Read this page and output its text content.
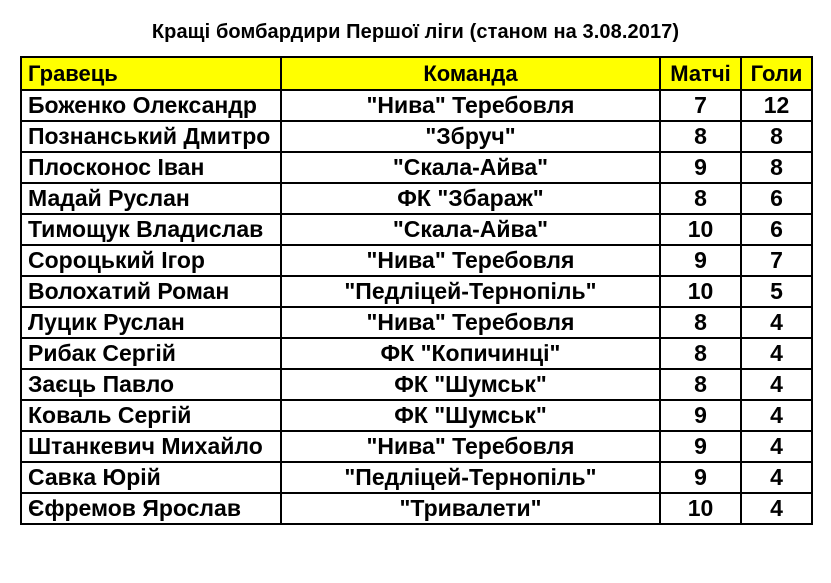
Кращі бомбардири Першої ліги (станом на 3.08.2017)
Гравець	Команда	Матчі	Голи
Боженко Олександр	"Нива" Теребовля	7	12
Познанський Дмитро	"Збруч"	8	8
Плосконос Іван	"Скала-Айва"	9	8
Мадай Руслан	ФК "Збараж"	8	6
Тимощук Владислав	"Скала-Айва"	10	6
Сороцький Ігор	"Нива" Теребовля	9	7
Волохатий Роман	"Педліцей-Тернопіль"	10	5
Луцик Руслан	"Нива" Теребовля	8	4
Рибак Сергій	ФК "Копичинці"	8	4
Заєць Павло	ФК "Шумськ"	8	4
Коваль Сергій	ФК "Шумськ"	9	4
Штанкевич Михайло	"Нива" Теребовля	9	4
Савка Юрій	"Педліцей-Тернопіль"	9	4
Єфремов Ярослав	"Тривалети"	10	4
